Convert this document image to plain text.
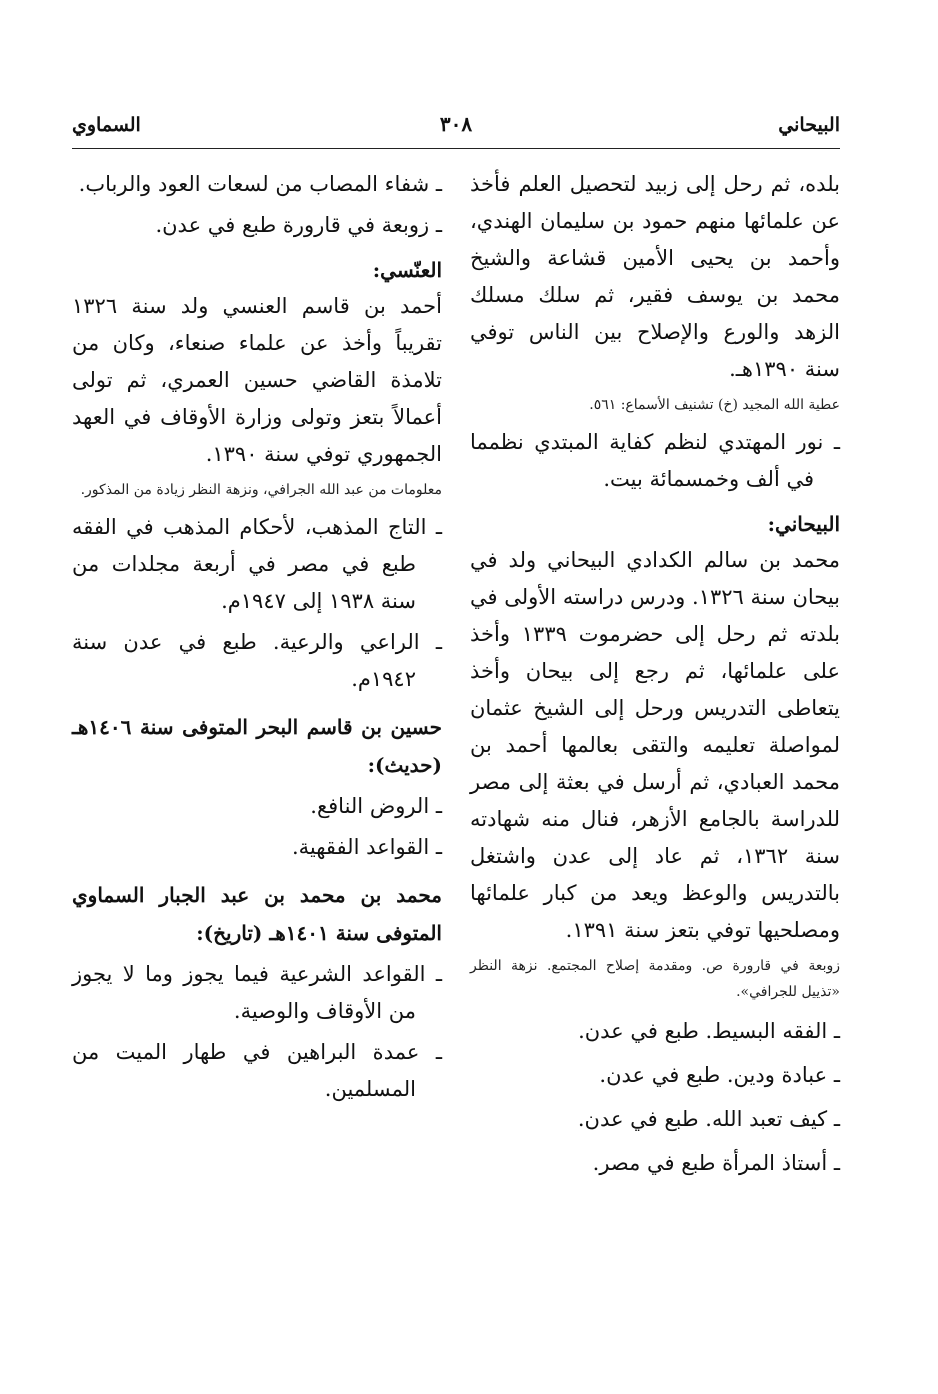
البيحاني
٣٠٨
السماوي

بلده، ثم رحل إلى زبيد لتحصيل العلم فأخذ عن علمائها منهم حمود بن سليمان الهندي، وأحمد بن يحيى الأمين قشاعة والشيخ محمد بن يوسف فقير، ثم سلك مسلك الزهد والورع والإصلاح بين الناس توفي سنة ١٣٩٠هـ.

عطية الله المجيد (خ) تشنيف الأسماع: ٥٦١.

ـ نور المهتدي لنظم كفاية المبتدي نظمما في ألف وخمسمائة بيت.

البيحاني:

محمد بن سالم الكدادي البيحاني ولد في بيحان سنة ١٣٢٦. ودرس دراسته الأولى في بلدته ثم رحل إلى حضرموت ١٣٣٩ وأخذ على علمائها، ثم رجع إلى بيحان وأخذ يتعاطى التدريس ورحل إلى الشيخ عثمان لمواصلة تعليمه والتقى بعالمها أحمد بن محمد العبادي، ثم أرسل في بعثة إلى مصر للدراسة بالجامع الأزهر، فنال منه شهادته سنة ١٣٦٢، ثم عاد إلى عدن واشتغل بالتدريس والوعظ ويعد من كبار علمائها ومصلحيها توفي بتعز سنة ١٣٩١.

زوبعة في قارورة ص. ومقدمة إصلاح المجتمع. نزهة النظر «تذييل للجرافي».

ـ الفقه البسيط. طبع في عدن.

ـ عبادة ودين. طبع في عدن.

ـ كيف تعبد الله. طبع في عدن.

ـ أستاذ المرأة طبع في مصر.

ـ شفاء المصاب من لسعات العود والرباب.

ـ زوبعة في قارورة طبع في عدن.

العنّسي:

أحمد بن قاسم العنسي ولد سنة ١٣٢٦ تقريباً وأخذ عن علماء صنعاء، وكان من تلامذة القاضي حسين العمري، ثم تولى أعمالاً بتعز وتولى وزارة الأوقاف في العهد الجمهوري توفي سنة ١٣٩٠.

معلومات من عبد الله الجرافي، ونزهة النظر زيادة من المذكور.

ـ التاج المذهب، لأحكام المذهب في الفقه طبع في مصر في أربعة مجلدات من سنة ١٩٣٨ إلى ١٩٤٧م.

ـ الراعي والرعية. طبع في عدن سنة ١٩٤٢م.

حسين بن قاسم البحر المتوفى سنة ١٤٠٦هـ (حديث):

ـ الروض النافع.

ـ القواعد الفقهية.

محمد بن محمد بن عبد الجبار السماوي المتوفى سنة ١٤٠١هـ (تاريخ):

ـ القواعد الشرعية فيما يجوز وما لا يجوز من الأوقاف والوصية.

ـ عمدة البراهين في طهار الميت من المسلمين.
